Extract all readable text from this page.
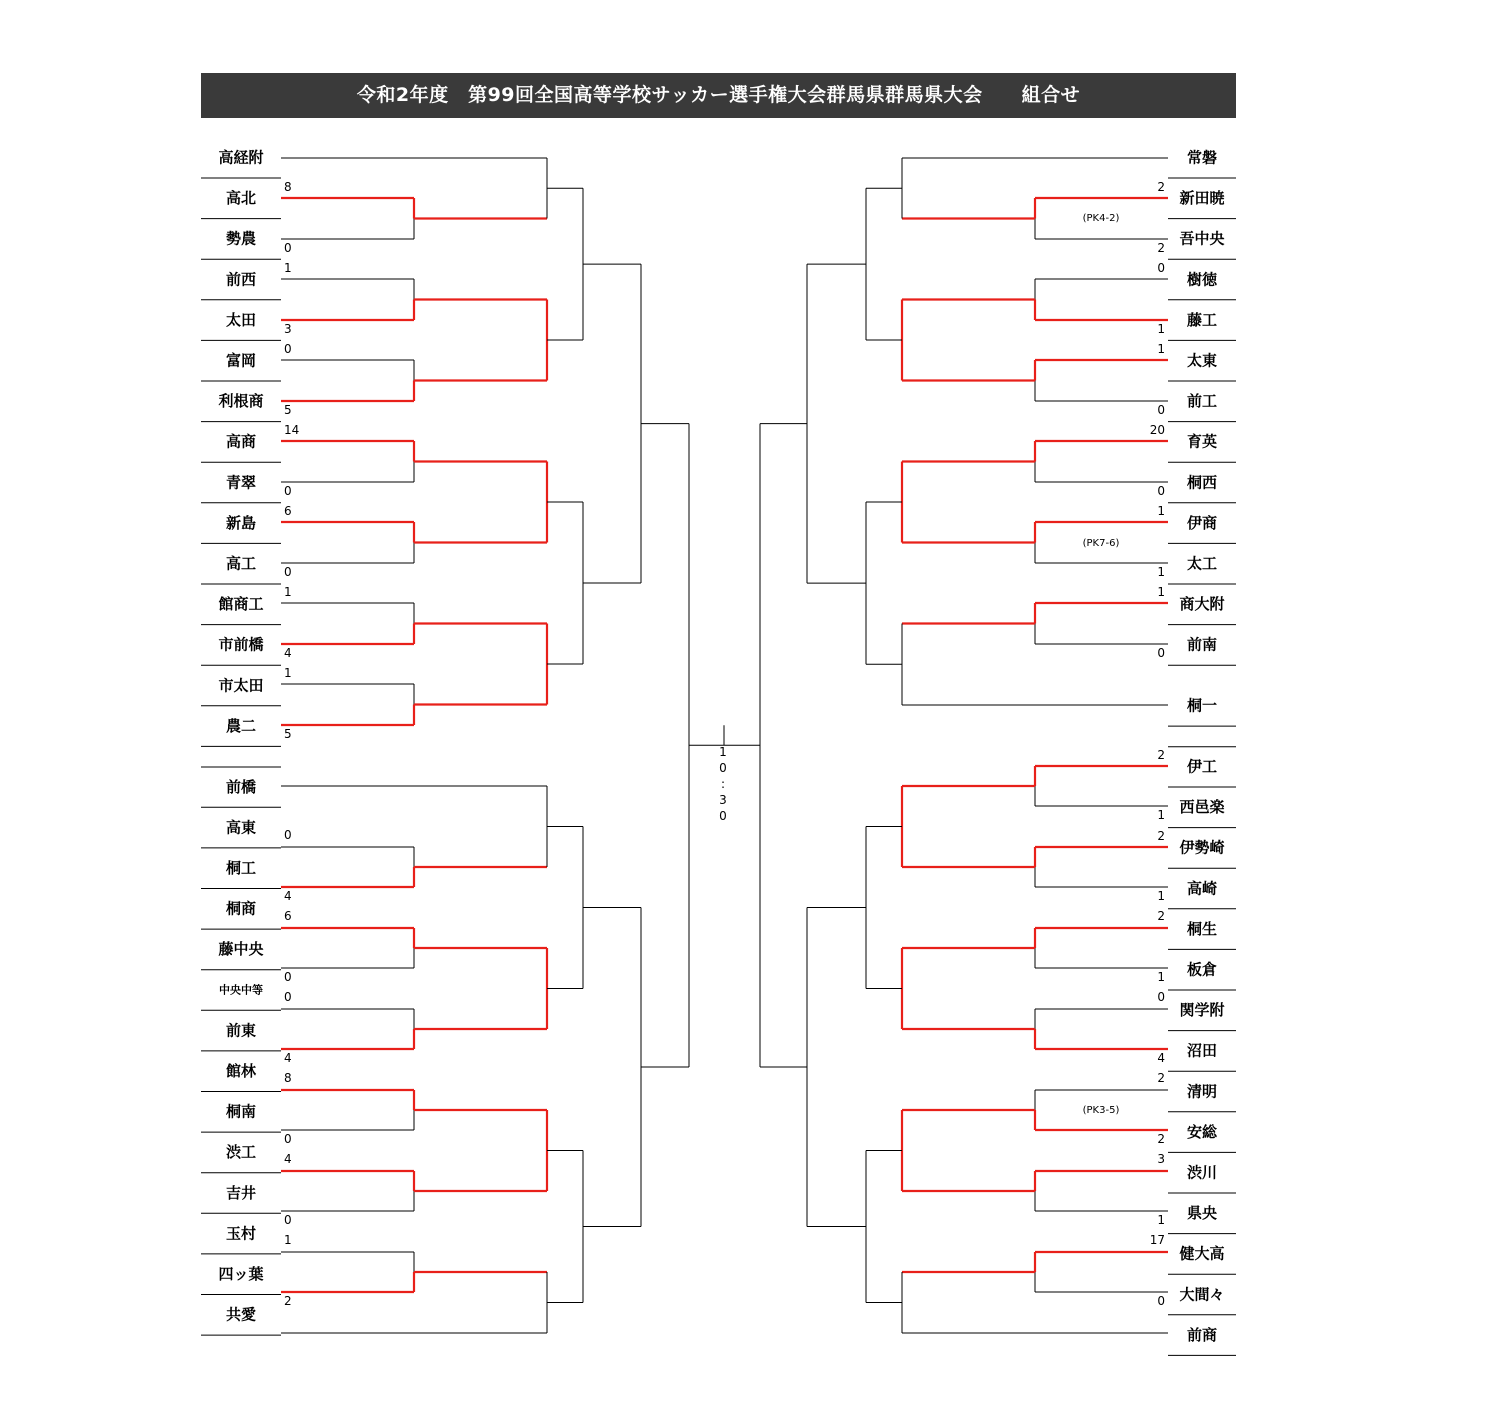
令和2年度　第99回全国高等学校サッカー選手権大会群馬県群馬県大会　　組合せ
高経附
高北
勢農
前西
太田
富岡
利根商
高商
青翠
新島
高工
館商工
市前橋
市太田
農二
前橋
高東
桐工
桐商
藤中央
中央中等
前東
館林
桐南
渋工
吉井
玉村
四ッ葉
共愛
常磐
新田暁
吾中央
樹徳
藤工
太東
前工
育英
桐西
伊商
太工
商大附
前南
桐一
伊工
西邑楽
伊勢崎
高崎
桐生
板倉
関学附
沼田
清明
安総
渋川
県央
健大高
大間々
前商
8
0
1
3
0
5
14
0
6
0
1
4
1
5
0
4
6
0
0
4
8
0
4
0
1
2
2
2
0
1
1
0
20
0
1
1
1
0
2
1
2
1
2
1
0
4
2
2
3
1
17
0
(PK4-2)
(PK7-6)
(PK3-5)
1
0
:
3
0
